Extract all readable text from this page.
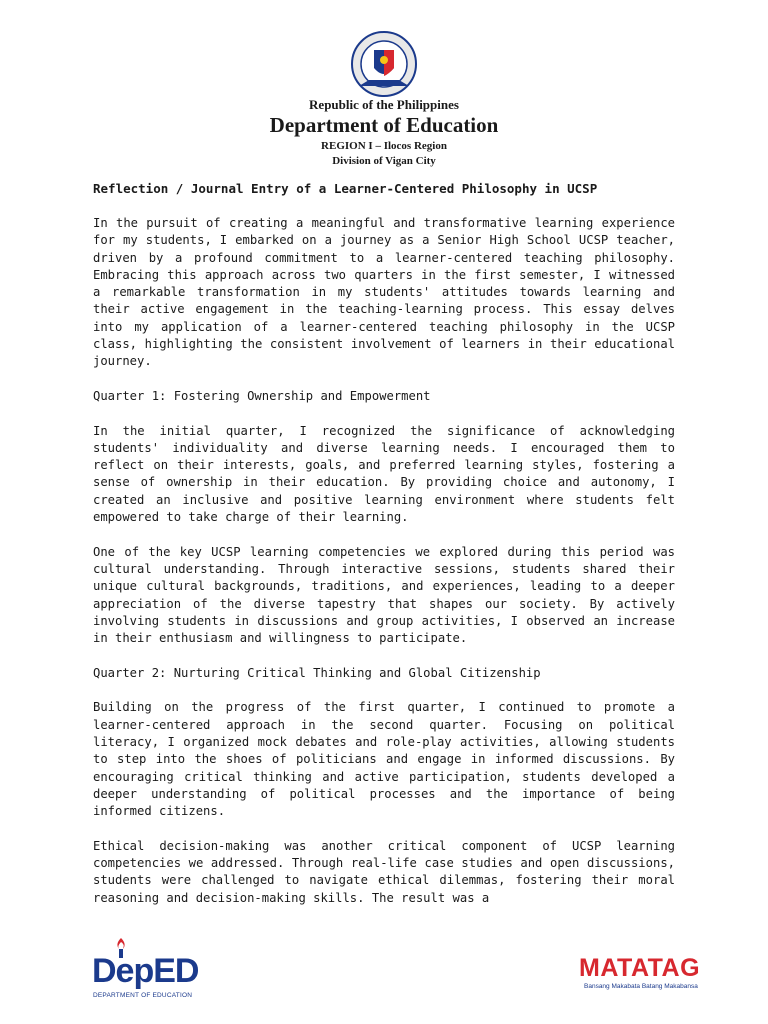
Republic of the Philippines
Department of Education
REGION I – Ilocos Region
Division of Vigan City
Reflection / Journal Entry of a Learner-Centered Philosophy in UCSP

In the pursuit of creating a meaningful and transformative learning experience for my students, I embarked on a journey as a Senior High School UCSP teacher, driven by a profound commitment to a learner-centered teaching philosophy. Embracing this approach across two quarters in the first semester, I witnessed a remarkable transformation in my students' attitudes towards learning and their active engagement in the teaching-learning process. This essay delves into my application of a learner-centered teaching philosophy in the UCSP class, highlighting the consistent involvement of learners in their educational journey.

Quarter 1: Fostering Ownership and Empowerment

In the initial quarter, I recognized the significance of acknowledging students' individuality and diverse learning needs. I encouraged them to reflect on their interests, goals, and preferred learning styles, fostering a sense of ownership in their education. By providing choice and autonomy, I created an inclusive and positive learning environment where students felt empowered to take charge of their learning.

One of the key UCSP learning competencies we explored during this period was cultural understanding. Through interactive sessions, students shared their unique cultural backgrounds, traditions, and experiences, leading to a deeper appreciation of the diverse tapestry that shapes our society. By actively involving students in discussions and group activities, I observed an increase in their enthusiasm and willingness to participate.

Quarter 2: Nurturing Critical Thinking and Global Citizenship

Building on the progress of the first quarter, I continued to promote a learner-centered approach in the second quarter. Focusing on political literacy, I organized mock debates and role-play activities, allowing students to step into the shoes of politicians and engage in informed discussions. By encouraging critical thinking and active participation, students developed a deeper understanding of political processes and the importance of being informed citizens.

Ethical decision-making was another critical component of UCSP learning competencies we addressed. Through real-life case studies and open discussions, students were challenged to navigate ethical dilemmas, fostering their moral reasoning and decision-making skills. The result was a

DepED
DEPARTMENT OF EDUCATION
MATATAG
Bansang Makabata Batang Makabansa
